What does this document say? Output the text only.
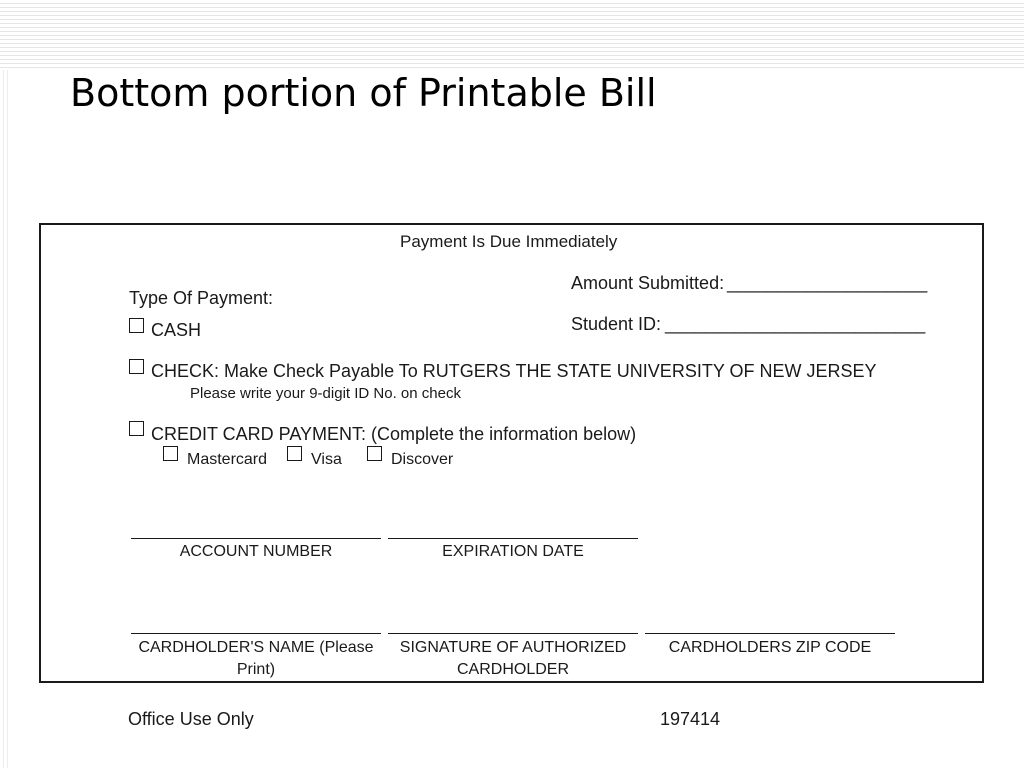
Bottom portion of Printable Bill
Payment Is Due Immediately
Type Of Payment:
Amount Submitted: ____________________
Student ID: __________________________
CASH
CHECK: Make Check Payable To RUTGERS THE STATE UNIVERSITY OF NEW JERSEY
Please write your 9-digit ID No. on check
CREDIT CARD PAYMENT: (Complete the information below)
Mastercard	Visa	Discover
ACCOUNT NUMBER	EXPIRATION DATE
CARDHOLDER'S NAME (Please Print)
SIGNATURE OF AUTHORIZED CARDHOLDER
CARDHOLDERS ZIP CODE
Office Use Only	197414
